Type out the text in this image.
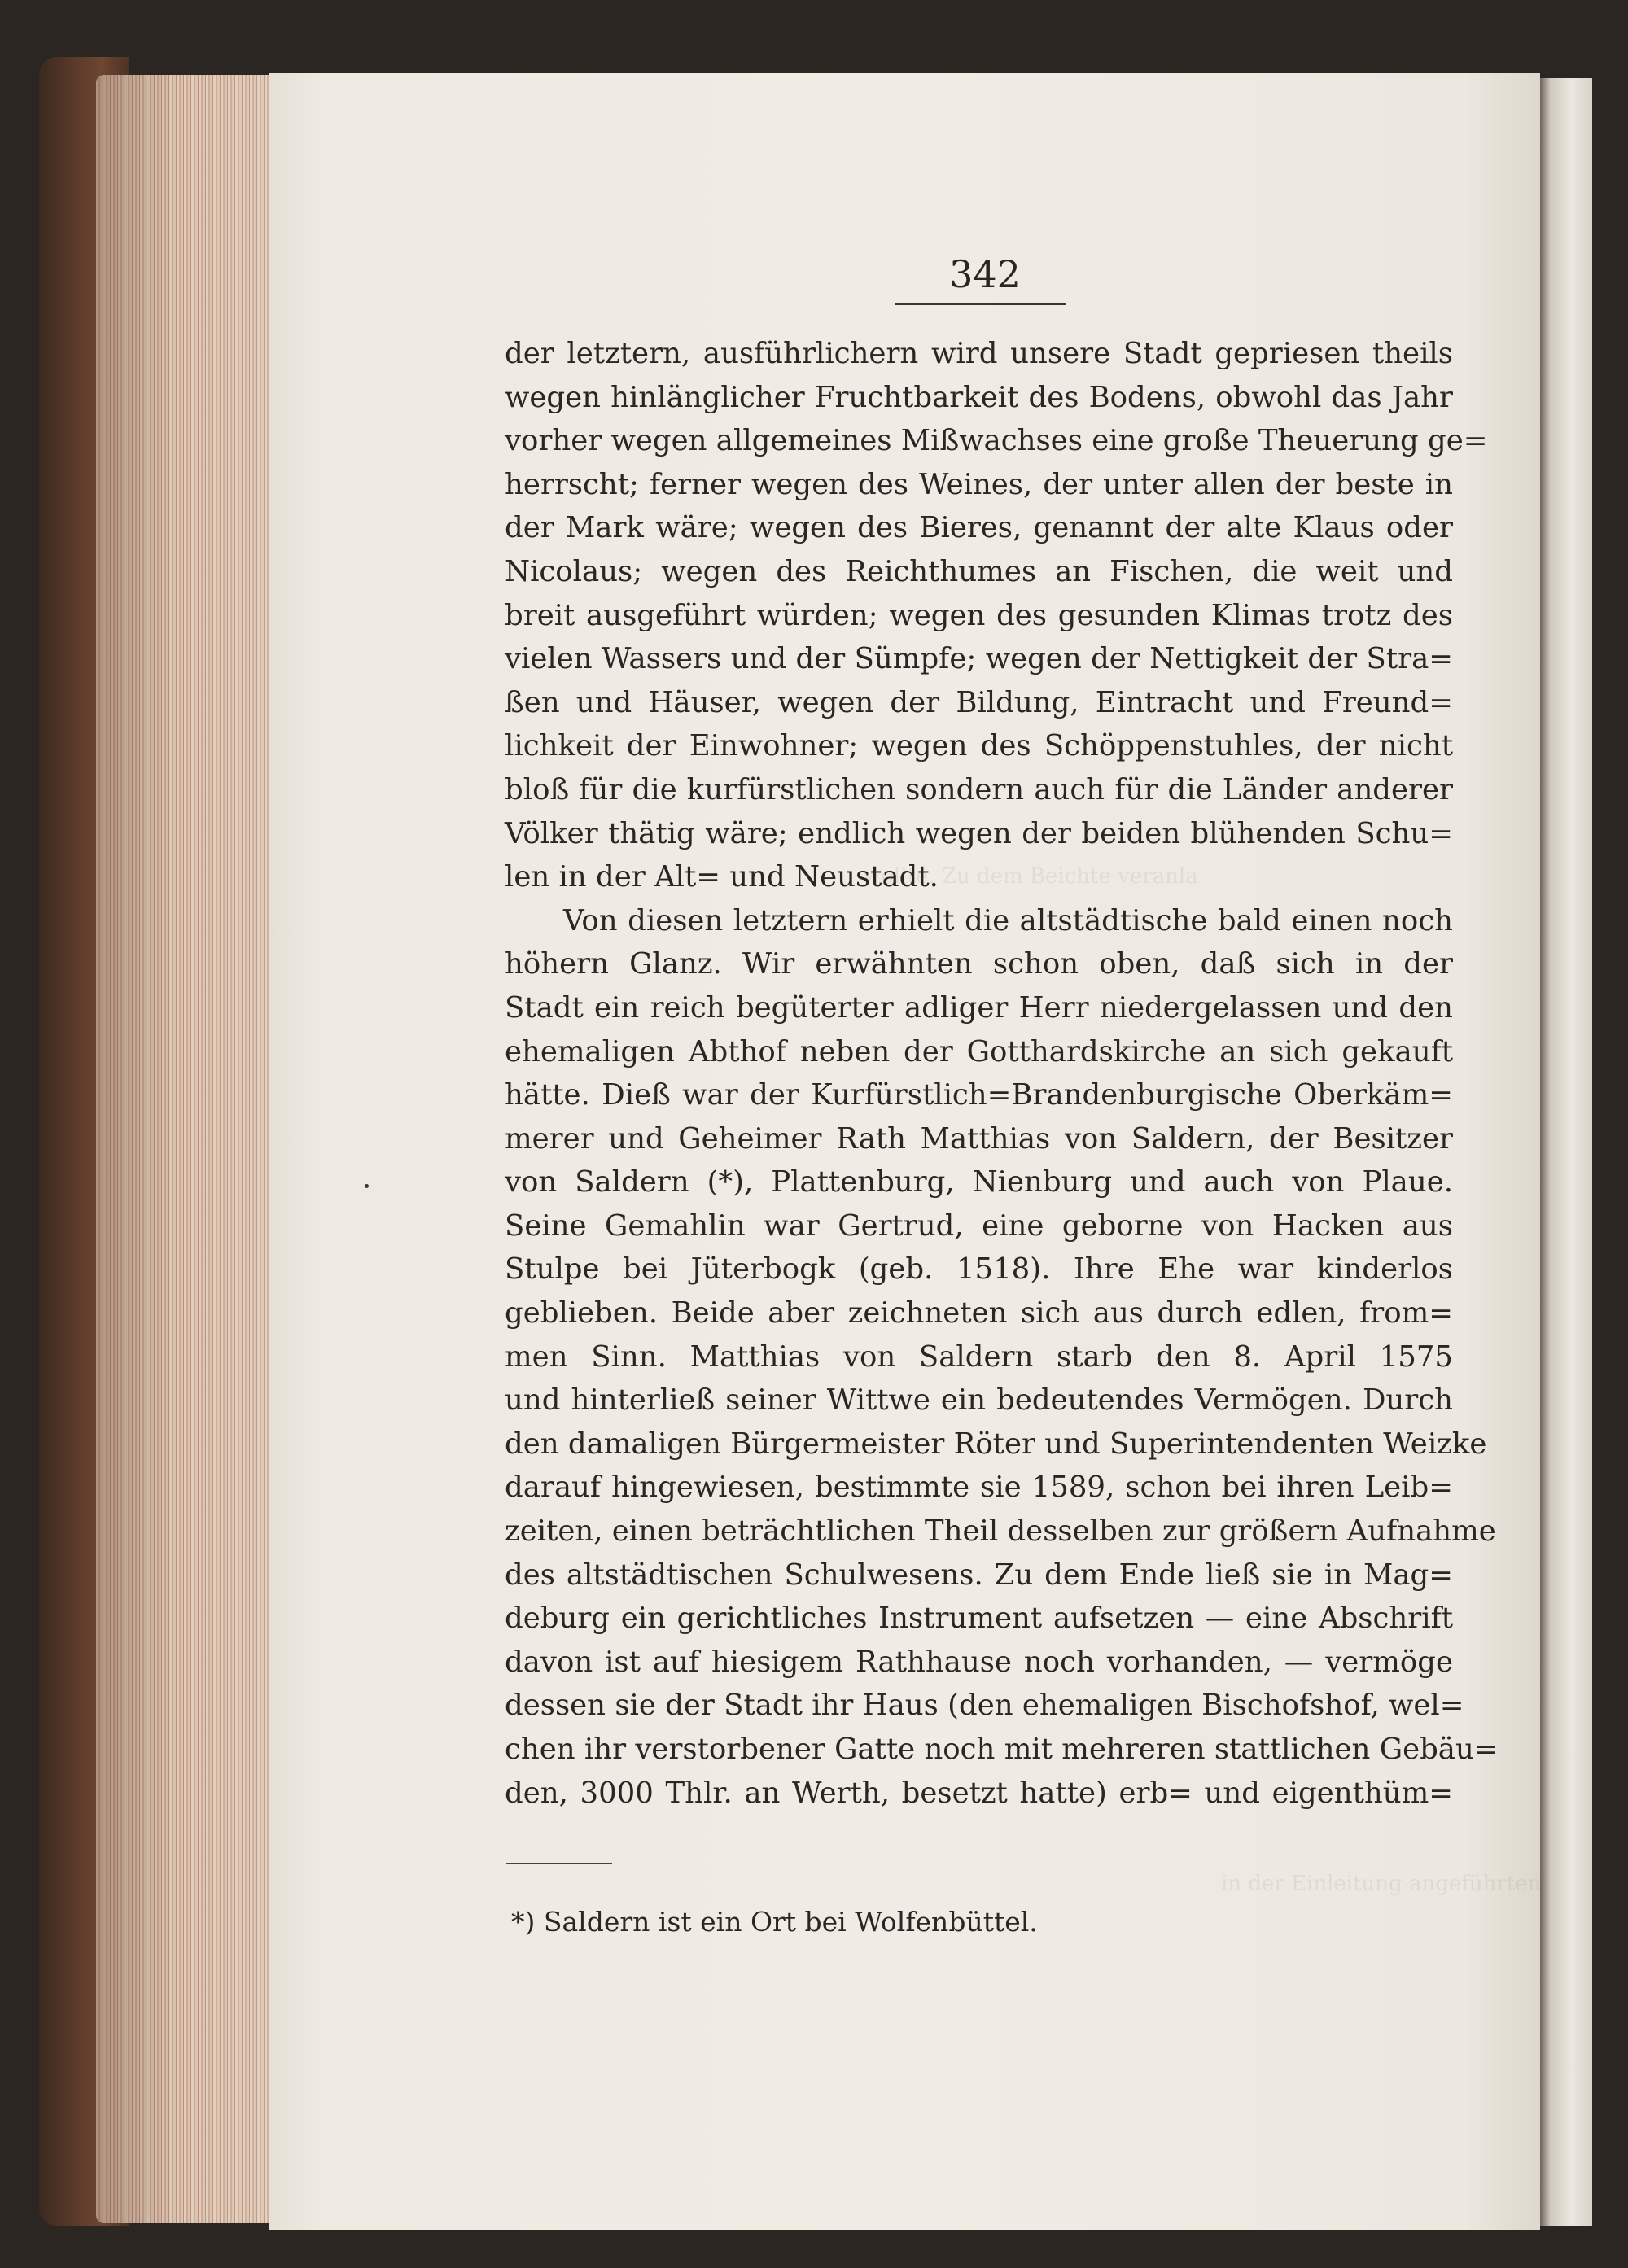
wollte. Zu dem Beichte veranla
in der Einleitung angeführten
342
der letztern, ausführlichern wird unsere Stadt gepriesen theils
wegen hinlänglicher Fruchtbarkeit des Bodens, obwohl das Jahr
vorher wegen allgemeines Mißwachses eine große Theuerung ge=
herrscht; ferner wegen des Weines, der unter allen der beste in
der Mark wäre; wegen des Bieres, genannt der alte Klaus oder
Nicolaus; wegen des Reichthumes an Fischen, die weit und
breit ausgeführt würden; wegen des gesunden Klimas trotz des
vielen Wassers und der Sümpfe; wegen der Nettigkeit der Stra=
ßen und Häuser, wegen der Bildung, Eintracht und Freund=
lichkeit der Einwohner; wegen des Schöppenstuhles, der nicht
bloß für die kurfürstlichen sondern auch für die Länder anderer
Völker thätig wäre; endlich wegen der beiden blühenden Schu=
len in der Alt= und Neustadt.
Von diesen letztern erhielt die altstädtische bald einen noch
höhern Glanz. Wir erwähnten schon oben, daß sich in der
Stadt ein reich begüterter adliger Herr niedergelassen und den
ehemaligen Abthof neben der Gotthardskirche an sich gekauft
hätte. Dieß war der Kurfürstlich=Brandenburgische Oberkäm=
merer und Geheimer Rath Matthias von Saldern, der Besitzer
von Saldern (*), Plattenburg, Nienburg und auch von Plaue.
Seine Gemahlin war Gertrud, eine geborne von Hacken aus
Stulpe bei Jüterbogk (geb. 1518). Ihre Ehe war kinderlos
geblieben. Beide aber zeichneten sich aus durch edlen, from=
men Sinn. Matthias von Saldern starb den 8. April 1575
und hinterließ seiner Wittwe ein bedeutendes Vermögen. Durch
den damaligen Bürgermeister Röter und Superintendenten Weizke
darauf hingewiesen, bestimmte sie 1589, schon bei ihren Leib=
zeiten, einen beträchtlichen Theil desselben zur größern Aufnahme
des altstädtischen Schulwesens. Zu dem Ende ließ sie in Mag=
deburg ein gerichtliches Instrument aufsetzen — eine Abschrift
davon ist auf hiesigem Rathhause noch vorhanden, — vermöge
dessen sie der Stadt ihr Haus (den ehemaligen Bischofshof, wel=
chen ihr verstorbener Gatte noch mit mehreren stattlichen Gebäu=
den, 3000 Thlr. an Werth, besetzt hatte) erb= und eigenthüm=
*) Saldern ist ein Ort bei Wolfenbüttel.
